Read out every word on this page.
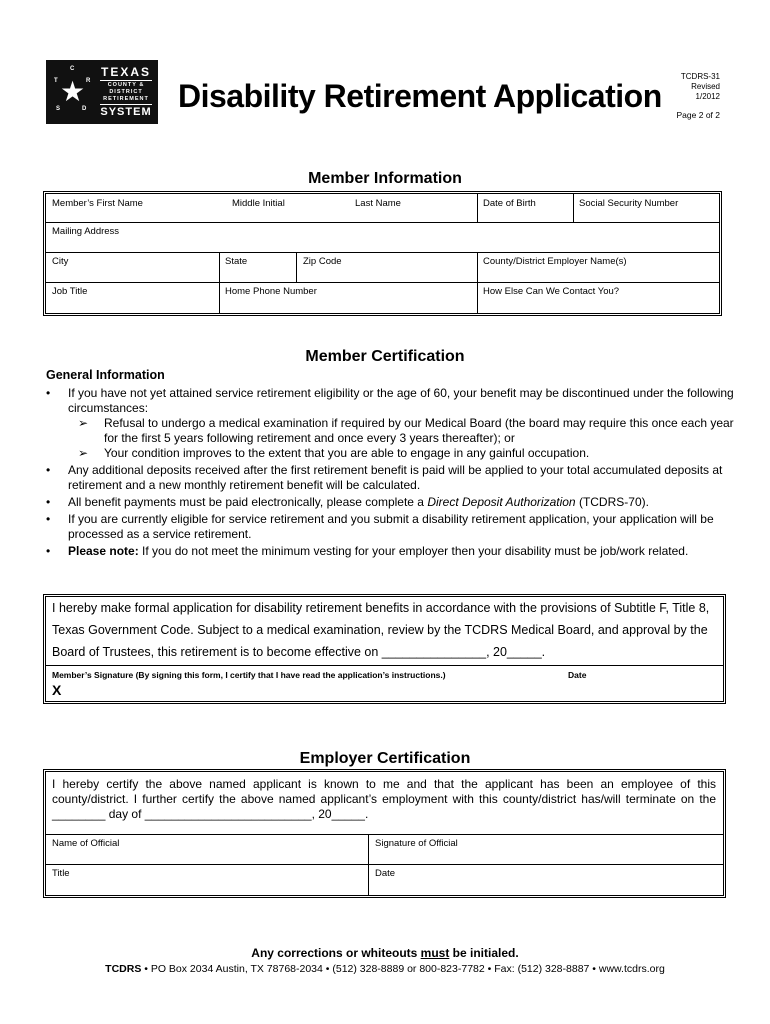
T
C
R
D
S
★
TEXAS
COUNTY &
DISTRICT
RETIREMENT
SYSTEM Disability Retirement Application
TCDRS-31
Revised
1/2012
Page 2 of 2
Member Information
Member’s First Name	Middle Initial	Last Name	Date of Birth	Social Security Number
Mailing Address
City	State	Zip Code	County/District Employer Name(s)
Job Title	Home Phone Number	How Else Can We Contact You?
Member Certification
General Information
• If you have not yet attained service retirement eligibility or the age of 60, your benefit may be discontinued under the following circumstances:
➢ Refusal to undergo a medical examination if required by our Medical Board (the board may require this once each year for the first 5 years following retirement and once every 3 years thereafter); or
➢ Your condition improves to the extent that you are able to engage in any gainful occupation.
• Any additional deposits received after the first retirement benefit is paid will be applied to your total accumulated deposits at retirement and a new monthly retirement benefit will be calculated.
• All benefit payments must be paid electronically, please complete a Direct Deposit Authorization (TCDRS-70).
• If you are currently eligible for service retirement and you submit a disability retirement application, your application will be processed as a service retirement.
• Please note: If you do not meet the minimum vesting for your employer then your disability must be job/work related.
I hereby make formal application for disability retirement benefits in accordance with the provisions of Subtitle F, Title 8, Texas Government Code. Subject to a medical examination, review by the TCDRS Medical Board, and approval by the Board of Trustees, this retirement is to become effective on _______________, 20_____.
Member’s Signature (By signing this form, I certify that I have read the application’s instructions.)	Date
X
Employer Certification
I hereby certify the above named applicant is known to me and that the applicant has been an employee of this county/district. I further certify the above named applicant’s employment with this county/district has/will terminate on the ________ day of _________________________, 20_____.
Name of Official	Signature of Official
Title	Date
Any corrections or whiteouts must be initialed.
TCDRS • PO Box 2034 Austin, TX 78768-2034 • (512) 328-8889 or 800-823-7782 • Fax: (512) 328-8887 • www.tcdrs.org
